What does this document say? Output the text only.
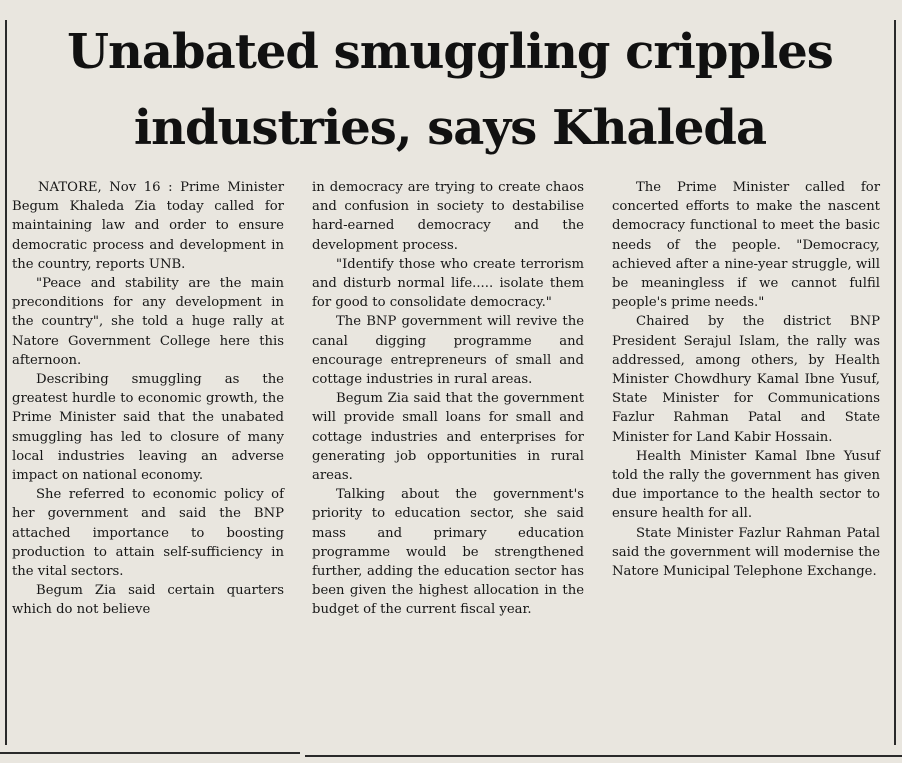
Unabated smuggling cripples industries, says Khaleda

NATORE, Nov 16 : Prime Minister Begum Khaleda Zia today called for maintaining law and order to ensure democratic process and development in the country, reports UNB.

"Peace and stability are the main preconditions for any development in the country", she told a huge rally at Natore Government College here this afternoon.

Describing smuggling as the greatest hurdle to economic growth, the Prime Minister said that the unabated smuggling has led to closure of many local industries leaving an adverse impact on national economy.

She referred to economic policy of her government and said the BNP attached importance to boosting production to attain self-sufficiency in the vital sectors.

Begum Zia said certain quarters which do not believe

in democracy are trying to create chaos and confusion in society to destabilise hard-earned democracy and the development process.

"Identify those who create terrorism and disturb normal life..... isolate them for good to consolidate democracy."

The BNP government will revive the canal digging programme and encourage entrepreneurs of small and cottage industries in rural areas.

Begum Zia said that the government will provide small loans for small and cottage industries and enterprises for generating job opportunities in rural areas.

Talking about the government's priority to education sector, she said mass and primary education programme would be strengthened further, adding the education sector has been given the highest allocation in the budget of the current fiscal year.

The Prime Minister called for concerted efforts to make the nascent democracy functional to meet the basic needs of the people. "Democracy, achieved after a nine-year struggle, will be meaningless if we cannot fulfil people's prime needs."

Chaired by the district BNP President Serajul Islam, the rally was addressed, among others, by Health Minister Chowdhury Kamal Ibne Yusuf, State Minister for Communications Fazlur Rahman Patal and State Minister for Land Kabir Hossain.

Health Minister Kamal Ibne Yusuf told the rally the government has given due importance to the health sector to ensure health for all.

State Minister Fazlur Rahman Patal said the government will modernise the Natore Municipal Telephone Exchange.
